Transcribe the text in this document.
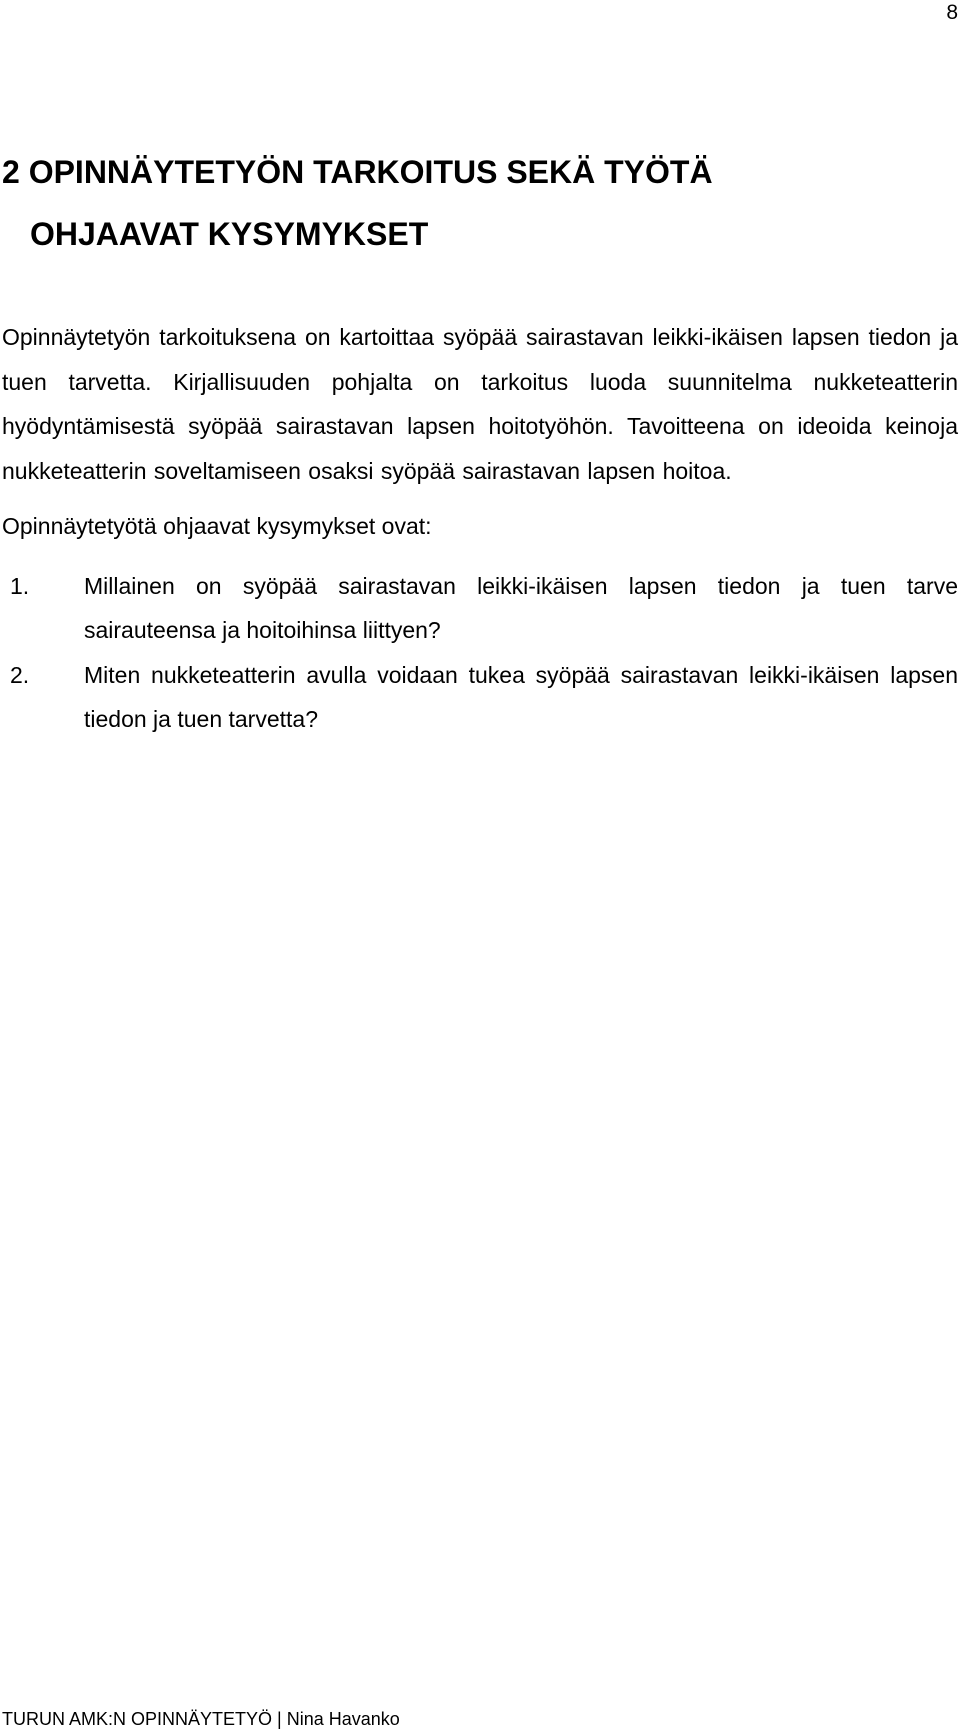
8
2 OPINNÄYTETYÖN TARKOITUS SEKÄ TYÖTÄ
OHJAAVAT KYSYMYKSET

Opinnäytetyön tarkoituksena on kartoittaa syöpää sairastavan leikki-ikäisen lapsen tiedon ja tuen tarvetta. Kirjallisuuden pohjalta on tarkoitus luoda suunnitelma nukketeatterin hyödyntämisestä syöpää sairastavan lapsen hoitotyöhön. Tavoitteena on ideoida keinoja nukketeatterin soveltamiseen osaksi syöpää sairastavan lapsen hoitoa.

Opinnäytetyötä ohjaavat kysymykset ovat:

1. Millainen on syöpää sairastavan leikki-ikäisen lapsen tiedon ja tuen tarve sairauteensa ja hoitoihinsa liittyen?
2. Miten nukketeatterin avulla voidaan tukea syöpää sairastavan leikki-ikäisen lapsen tiedon ja tuen tarvetta?
TURUN AMK:N OPINNÄYTETYÖ | Nina Havanko
